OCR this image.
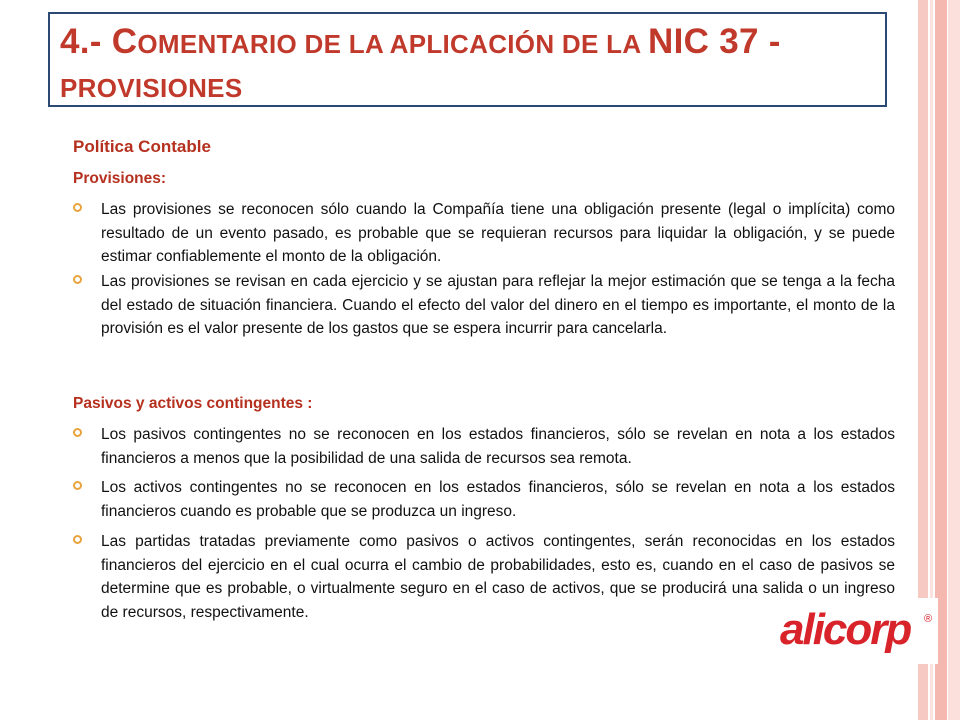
4.- COMENTARIO DE LA APLICACIÓN DE LA NIC 37 -
PROVISIONES
Política Contable
Provisiones:
Las provisiones se reconocen sólo cuando la Compañía tiene una obligación presente (legal o implícita) como resultado de un evento pasado, es probable que se requieran recursos para liquidar la obligación, y se puede estimar confiablemente el monto de la obligación.
Las provisiones se revisan en cada ejercicio y se ajustan para reflejar la mejor estimación que se tenga a la fecha del estado de situación financiera. Cuando el efecto del valor del dinero en el tiempo es importante, el monto de la provisión es el valor presente de los gastos que se espera incurrir para cancelarla.
Pasivos y activos contingentes :
Los pasivos contingentes no se reconocen en los estados financieros, sólo se revelan en nota a los estados financieros a menos que la posibilidad de una salida de recursos sea remota.
Los activos contingentes no se reconocen en los estados financieros, sólo se revelan en nota a los estados financieros cuando es probable que se produzca un ingreso.
Las partidas tratadas previamente como pasivos o activos contingentes, serán reconocidas en los estados financieros del ejercicio en el cual ocurra el cambio de probabilidades, esto es, cuando en el caso de pasivos se determine que es probable, o virtualmente seguro en el caso de activos, que se producirá una salida o un ingreso de recursos, respectivamente.	alicorp ®
